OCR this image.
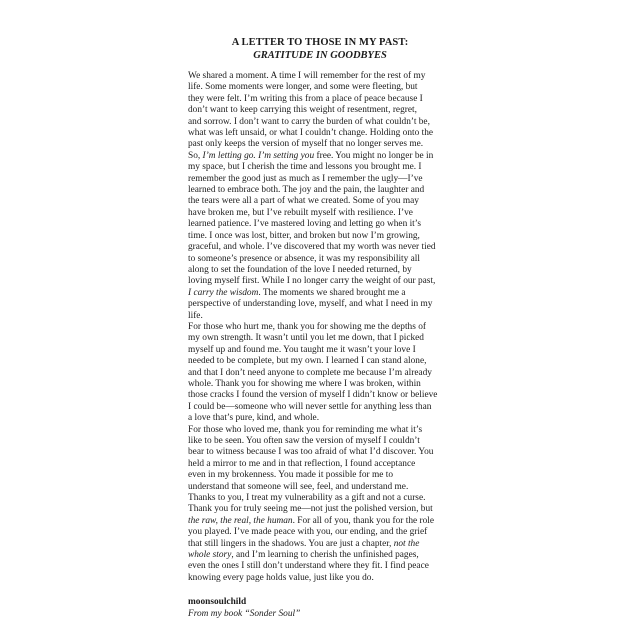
A LETTER TO THOSE IN MY PAST:
GRATITUDE IN GOODBYES
We shared a moment. A time I will remember for the rest of my
life. Some moments were longer, and some were fleeting, but
they were felt. I’m writing this from a place of peace because I
don’t want to keep carrying this weight of resentment, regret,
and sorrow. I don’t want to carry the burden of what couldn’t be,
what was left unsaid, or what I couldn’t change. Holding onto the
past only keeps the version of myself that no longer serves me.
So, I’m letting go. I’m setting you free. You might no longer be in
my space, but I cherish the time and lessons you brought me. I
remember the good just as much as I remember the ugly—I’ve
learned to embrace both. The joy and the pain, the laughter and
the tears were all a part of what we created. Some of you may
have broken me, but I’ve rebuilt myself with resilience. I’ve
learned patience. I’ve mastered loving and letting go when it’s
time. I once was lost, bitter, and broken but now I’m growing,
graceful, and whole. I’ve discovered that my worth was never tied
to someone’s presence or absence, it was my responsibility all
along to set the foundation of the love I needed returned, by
loving myself first. While I no longer carry the weight of our past,
I carry the wisdom. The moments we shared brought me a
perspective of understanding love, myself, and what I need in my
life.
For those who hurt me, thank you for showing me the depths of
my own strength. It wasn’t until you let me down, that I picked
myself up and found me. You taught me it wasn’t your love I
needed to be complete, but my own. I learned I can stand alone,
and that I don’t need anyone to complete me because I’m already
whole. Thank you for showing me where I was broken, within
those cracks I found the version of myself I didn’t know or believe
I could be—someone who will never settle for anything less than
a love that’s pure, kind, and whole.
For those who loved me, thank you for reminding me what it’s
like to be seen. You often saw the version of myself I couldn’t
bear to witness because I was too afraid of what I’d discover. You
held a mirror to me and in that reflection, I found acceptance
even in my brokenness. You made it possible for me to
understand that someone will see, feel, and understand me.
Thanks to you, I treat my vulnerability as a gift and not a curse.
Thank you for truly seeing me—not just the polished version, but
the raw, the real, the human. For all of you, thank you for the role
you played. I’ve made peace with you, our ending, and the grief
that still lingers in the shadows. You are just a chapter, not the
whole story, and I’m learning to cherish the unfinished pages,
even the ones I still don’t understand where they fit. I find peace
knowing every page holds value, just like you do.
moonsoulchild
From my book “Sonder Soul”
